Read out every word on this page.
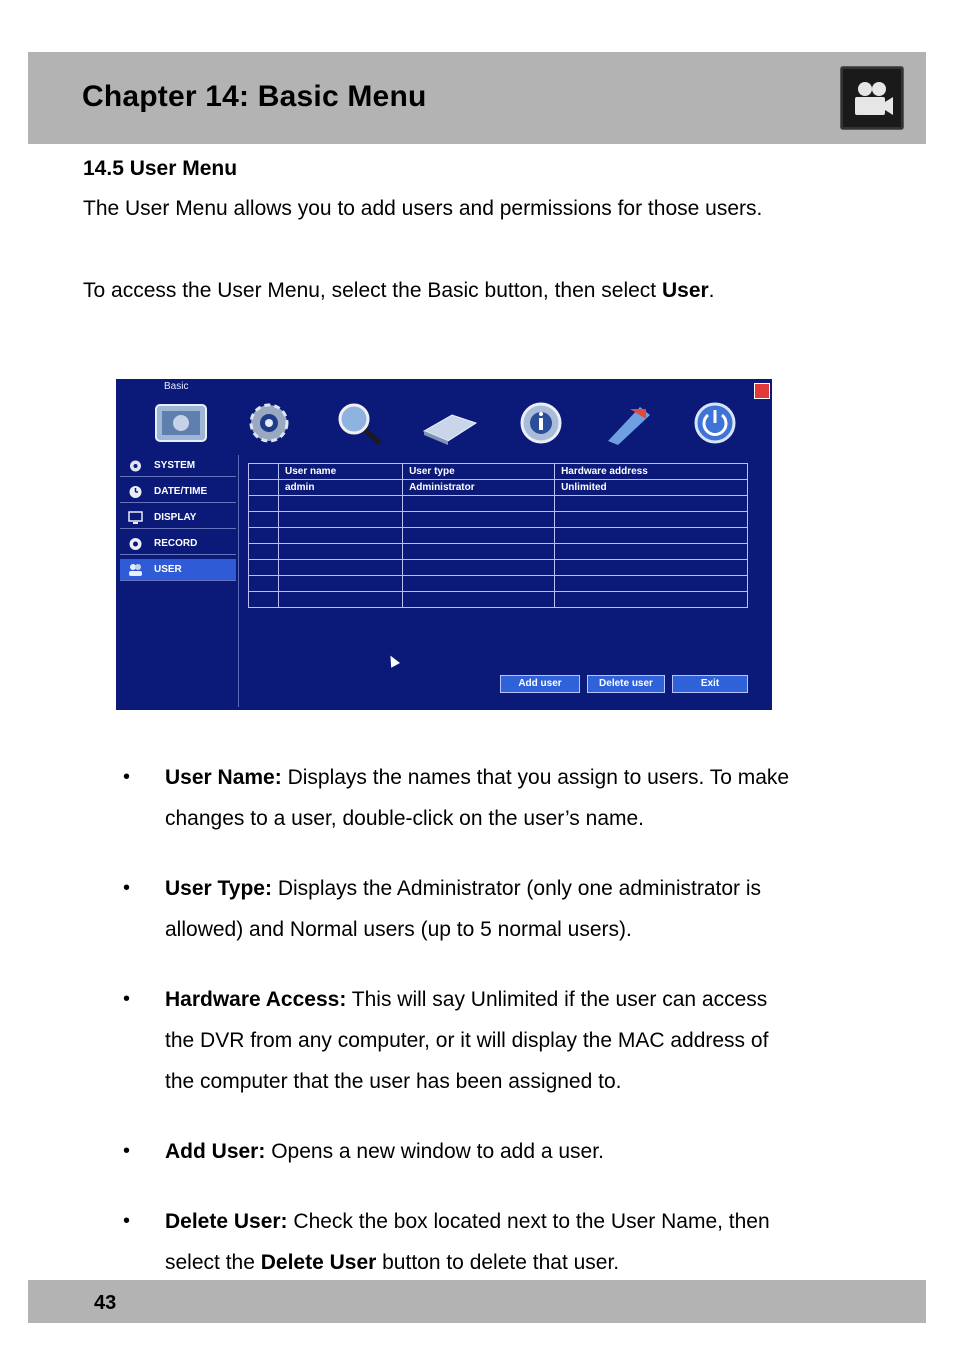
Chapter 14: Basic Menu
14.5 User Menu
The User Menu allows you to add users and permissions for those users.
To access the User Menu, select the Basic button, then select User.
Basic
SYSTEM
DATE/TIME
DISPLAY
RECORD
USER
	User name	User type	Hardware address
	admin	Administrator	Unlimited

Add user	Delete user	Exit
• User Name: Displays the names that you assign to users. To make
changes to a user, double-click on the user’s name.
• User Type: Displays the Administrator (only one administrator is
allowed) and Normal users (up to 5 normal users).
• Hardware Access: This will say Unlimited if the user can access
the DVR from any computer, or it will display the MAC address of
the computer that the user has been assigned to.
• Add User: Opens a new window to add a user.
• Delete User: Check the box located next to the User Name, then
select the Delete User button to delete that user.
43
